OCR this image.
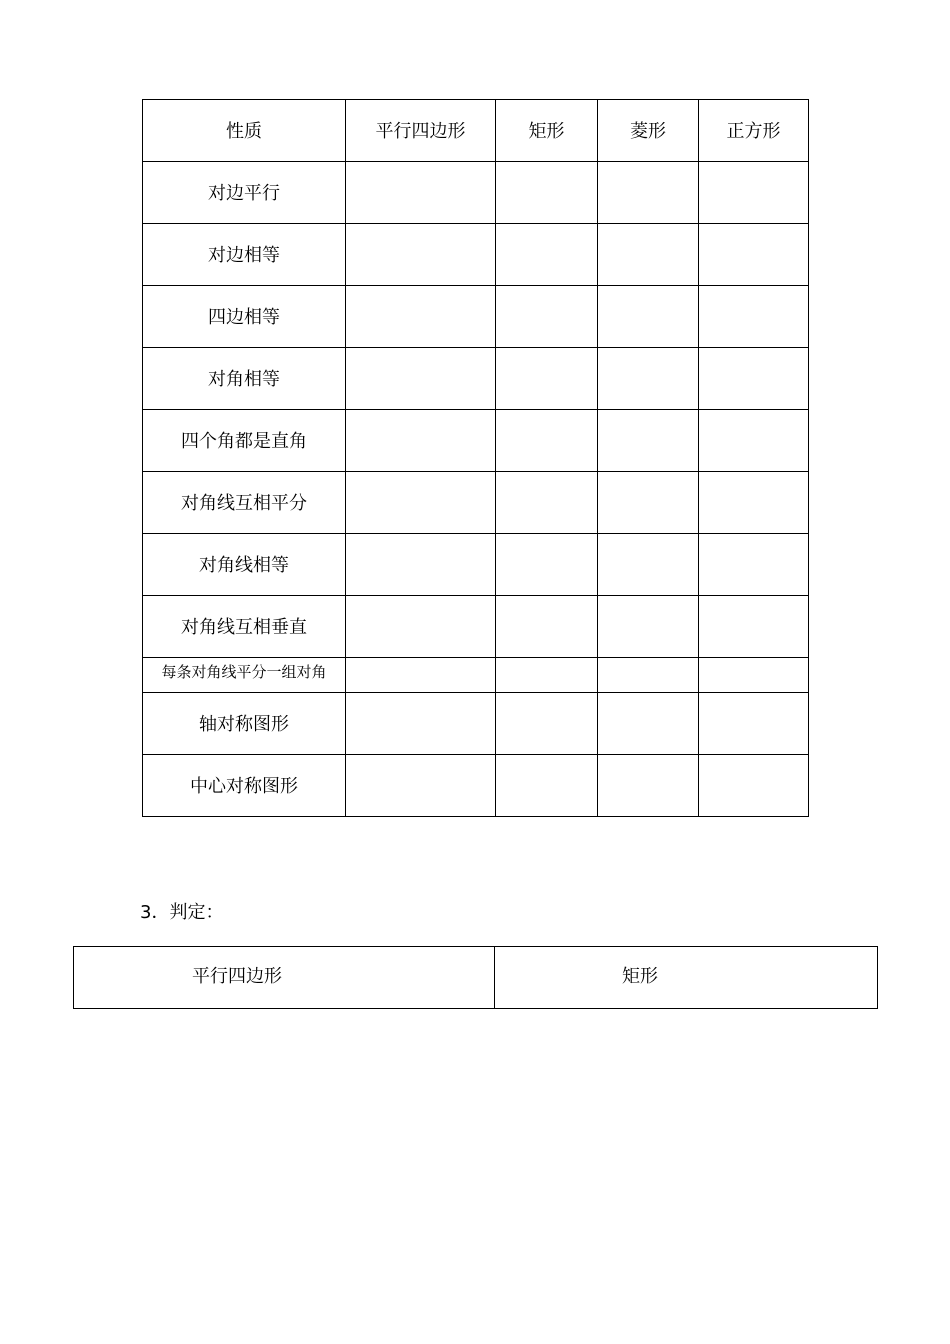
性质	平行四边形	矩形	菱形	正方形
对边平行				
对边相等				
四边相等				
对角相等				
四个角都是直角				
对角线互相平分				
对角线相等				
对角线互相垂直				
每条对角线平分一组对角				
轴对称图形				
中心对称图形				
3．判定：
平行四边形	矩形
